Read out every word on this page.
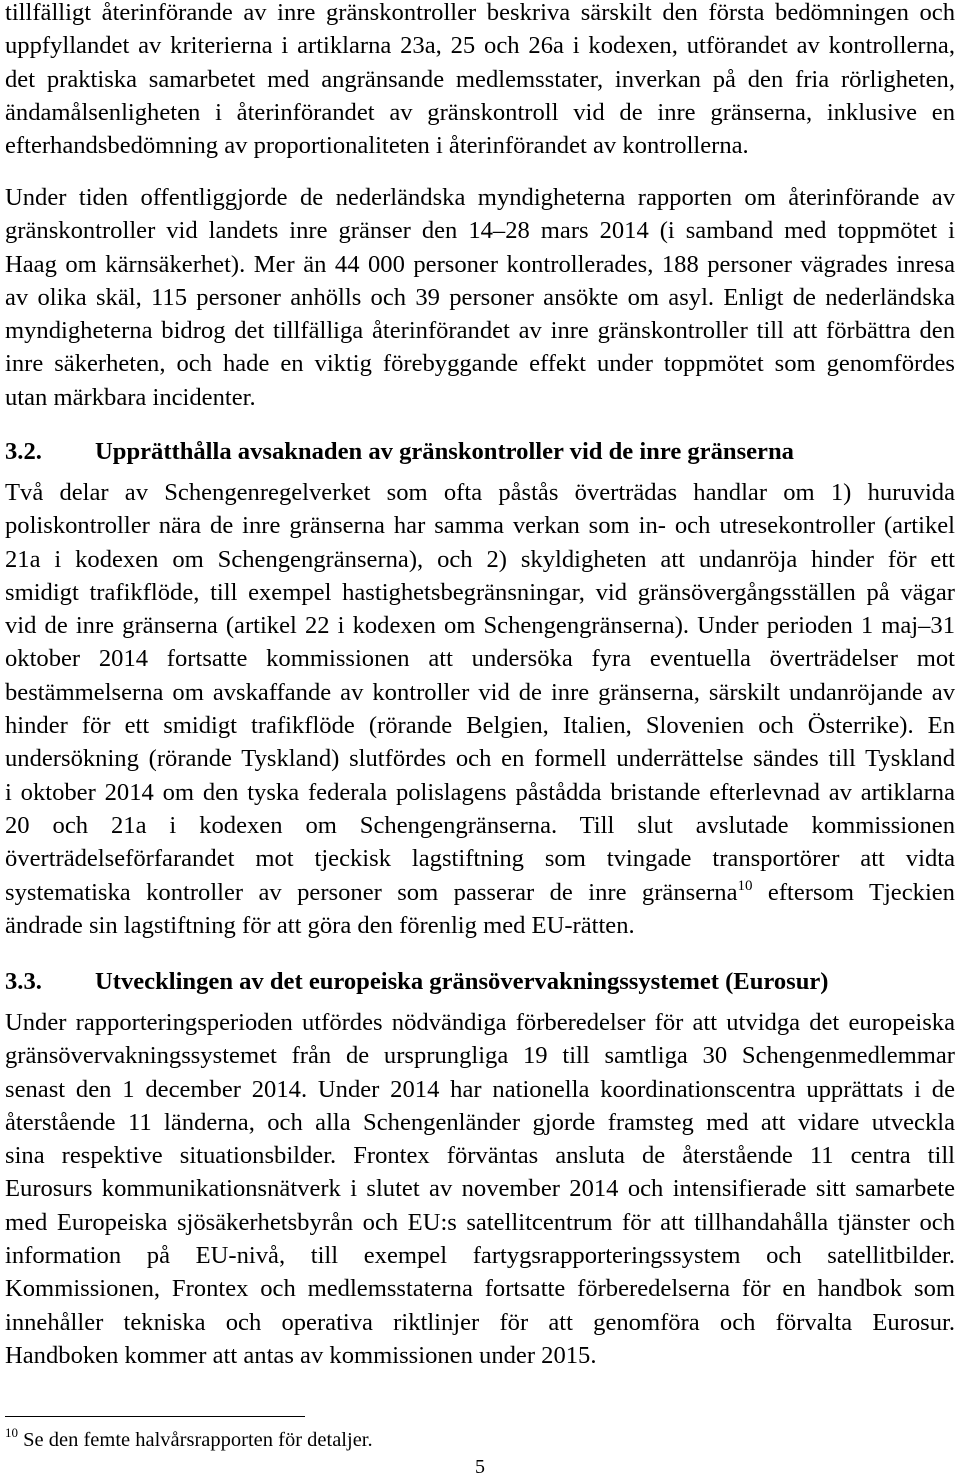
tillfälligt återinförande av inre gränskontroller beskriva särskilt den första bedömningen och
uppfyllandet av kriterierna i artiklarna 23a, 25 och 26a i kodexen, utförandet av kontrollerna,
det praktiska samarbetet med angränsande medlemsstater, inverkan på den fria rörligheten,
ändamålsenligheten i återinförandet av gränskontroll vid de inre gränserna, inklusive en
efterhandsbedömning av proportionaliteten i återinförandet av kontrollerna.
Under tiden offentliggjorde de nederländska myndigheterna rapporten om återinförande av
gränskontroller vid landets inre gränser den 14–28 mars 2014 (i samband med toppmötet i
Haag om kärnsäkerhet). Mer än 44 000 personer kontrollerades, 188 personer vägrades inresa
av olika skäl, 115 personer anhölls och 39 personer ansökte om asyl. Enligt de nederländska
myndigheterna bidrog det tillfälliga återinförandet av inre gränskontroller till att förbättra den
inre säkerheten, och hade en viktig förebyggande effekt under toppmötet som genomfördes
utan märkbara incidenter.
3.2. Upprätthålla avsaknaden av gränskontroller vid de inre gränserna
Två delar av Schengenregelverket som ofta påstås överträdas handlar om 1) huruvida
poliskontroller nära de inre gränserna har samma verkan som in- och utresekontroller (artikel
21a i kodexen om Schengengränserna), och 2) skyldigheten att undanröja hinder för ett
smidigt trafikflöde, till exempel hastighetsbegränsningar, vid gränsövergångsställen på vägar
vid de inre gränserna (artikel 22 i kodexen om Schengengränserna). Under perioden 1 maj–31
oktober 2014 fortsatte kommissionen att undersöka fyra eventuella överträdelser mot
bestämmelserna om avskaffande av kontroller vid de inre gränserna, särskilt undanröjande av
hinder för ett smidigt trafikflöde (rörande Belgien, Italien, Slovenien och Österrike). En
undersökning (rörande Tyskland) slutfördes och en formell underrättelse sändes till Tyskland
i oktober 2014 om den tyska federala polislagens påstådda bristande efterlevnad av artiklarna
20 och 21a i kodexen om Schengengränserna. Till slut avslutade kommissionen
överträdelseförfarandet mot tjeckisk lagstiftning som tvingade transportörer att vidta
systematiska kontroller av personer som passerar de inre gränserna$^{10}$ eftersom Tjeckien
ändrade sin lagstiftning för att göra den förenlig med EU-rätten.
3.3. Utvecklingen av det europeiska gränsövervakningssystemet (Eurosur)
Under rapporteringsperioden utfördes nödvändiga förberedelser för att utvidga det europeiska
gränsövervakningssystemet från de ursprungliga 19 till samtliga 30 Schengenmedlemmar
senast den 1 december 2014. Under 2014 har nationella koordinationscentra upprättats i de
återstående 11 länderna, och alla Schengenländer gjorde framsteg med att vidare utveckla
sina respektive situationsbilder. Frontex förväntas ansluta de återstående 11 centra till
Eurosurs kommunikationsnätverk i slutet av november 2014 och intensifierade sitt samarbete
med Europeiska sjösäkerhetsbyrån och EU:s satellitcentrum för att tillhandahålla tjänster och
information på EU-nivå, till exempel fartygsrapporteringssystem och satellitbilder.
Kommissionen, Frontex och medlemsstaterna fortsatte förberedelserna för en handbok som
innehåller tekniska och operativa riktlinjer för att genomföra och förvalta Eurosur.
Handboken kommer att antas av kommissionen under 2015.
$^{10}$ Se den femte halvårsrapporten för detaljer.
5
